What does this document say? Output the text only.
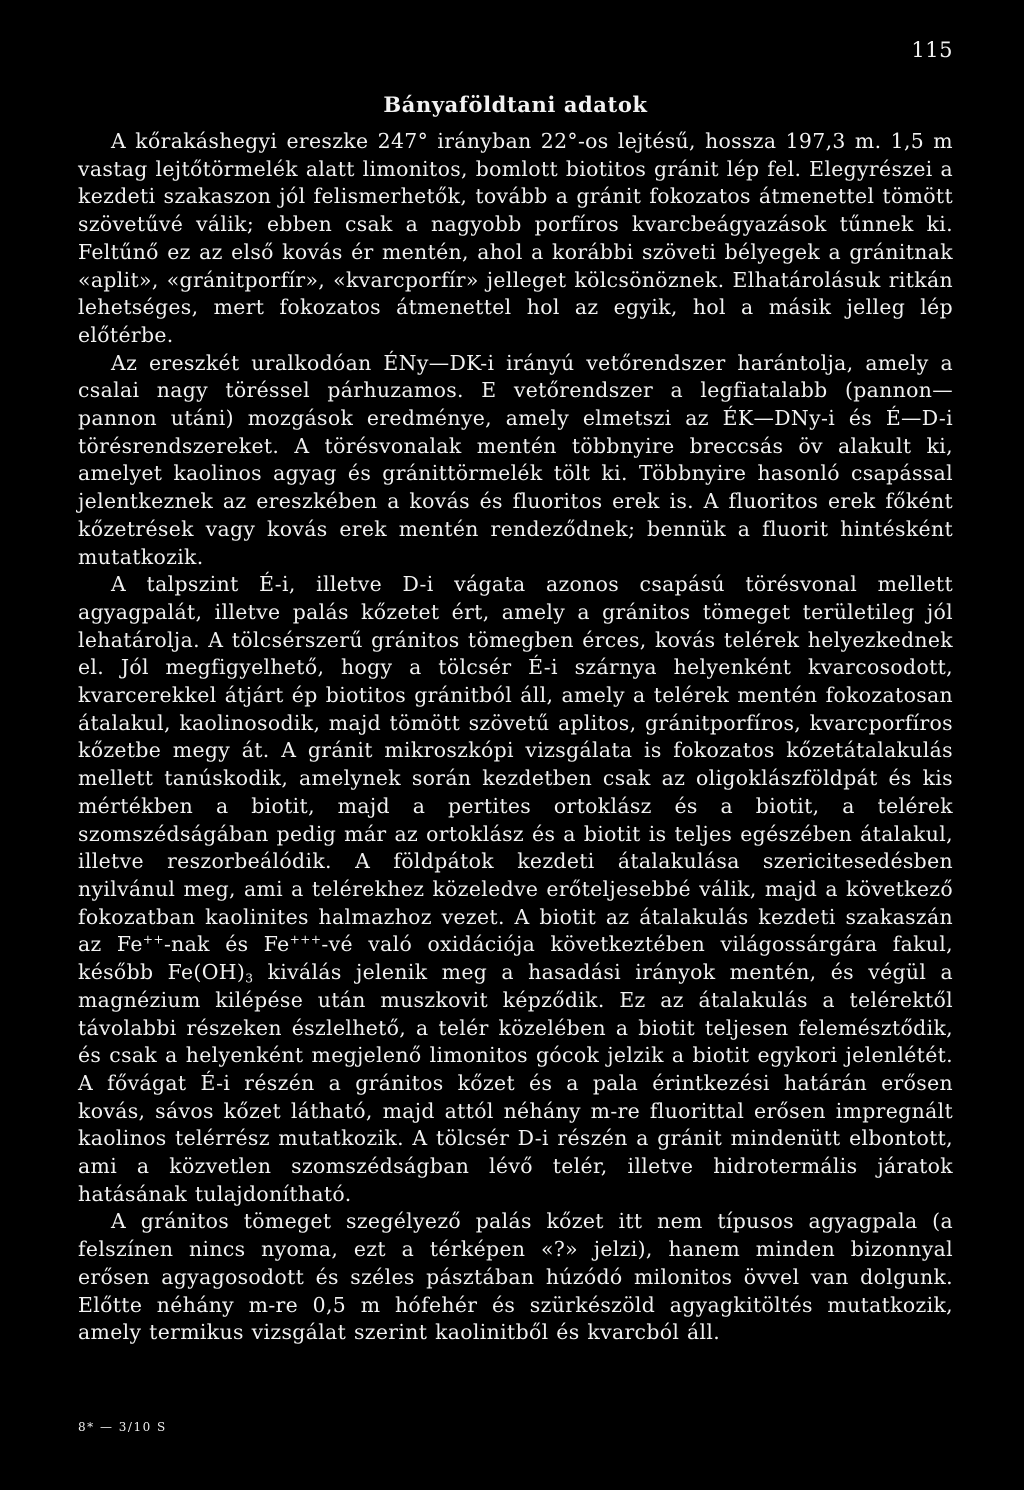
115
Bányaföldtani adatok

A kőrakáshegyi ereszke 247° irányban 22°-os lejtésű, hossza 197,3 m. 1,5 m vastag lejtőtörmelék alatt limonitos, bomlott biotitos gránit lép fel. Elegyrészei a kezdeti szakaszon jól felismerhetők, tovább a gránit fokozatos átmenettel tömött szövetűvé válik; ebben csak a nagyobb porfíros kvarcbeágyazások tűnnek ki. Feltűnő ez az első kovás ér mentén, ahol a korábbi szöveti bélyegek a gránitnak «aplit», «gránitporfír», «kvarcporfír» jelleget kölcsönöznek. Elhatárolásuk ritkán lehetséges, mert fokozatos átmenettel hol az egyik, hol a másik jelleg lép előtérbe.

Az ereszkét uralkodóan ÉNy—DK-i irányú vetőrendszer harántolja, amely a csalai nagy töréssel párhuzamos. E vetőrendszer a legfiatalabb (pannon—pannon utáni) mozgások eredménye, amely elmetszi az ÉK—DNy-i és É—D-i törésrendszereket. A törésvonalak mentén többnyire breccsás öv alakult ki, amelyet kaolinos agyag és gránittörmelék tölt ki. Többnyire hasonló csapással jelentkeznek az ereszkében a kovás és fluoritos erek is. A fluoritos erek főként kőzetrések vagy kovás erek mentén rendeződnek; bennük a fluorit hintésként mutatkozik.

A talpszint É-i, illetve D-i vágata azonos csapású törésvonal mellett agyagpalát, illetve palás kőzetet ért, amely a gránitos tömeget területileg jól lehatárolja. A tölcsérszerű gránitos tömegben érces, kovás telérek helyezkednek el. Jól megfigyelhető, hogy a tölcsér É-i szárnya helyenként kvarcosodott, kvarcerekkel átjárt ép biotitos gránitból áll, amely a telérek mentén fokozatosan átalakul, kaolinosodik, majd tömött szövetű aplitos, gránitporfíros, kvarcporfíros kőzetbe megy át. A gránit mikroszkópi vizsgálata is fokozatos kőzetátalakulás mellett tanúskodik, amelynek során kezdetben csak az oligoklászföldpát és kis mértékben a biotit, majd a pertites ortoklász és a biotit, a telérek szomszédságában pedig már az ortoklász és a biotit is teljes egészében átalakul, illetve reszorbeálódik. A földpátok kezdeti átalakulása szericitesedésben nyilvánul meg, ami a telérekhez közeledve erőteljesebbé válik, majd a következő fokozatban kaolinites halmazhoz vezet. A biotit az átalakulás kezdeti szakaszán az Fe++-nak és Fe+++-vé való oxidációja következtében világossárgára fakul, később $Fe(OH)_3$ kiválás jelenik meg a hasadási irányok mentén, és végül a magnézium kilépése után muszkovit képződik. Ez az átalakulás a telérektől távolabbi részeken észlelhető, a telér közelében a biotit teljesen felemésztődik, és csak a helyenként megjelenő limonitos gócok jelzik a biotit egykori jelenlétét. A fővágat É-i részén a gránitos kőzet és a pala érintkezési határán erősen kovás, sávos kőzet látható, majd attól néhány m-re fluorittal erősen impregnált kaolinos telérrész mutatkozik. A tölcsér D-i részén a gránit mindenütt elbontott, ami a közvetlen szomszédságban lévő telér, illetve hidrotermális járatok hatásának tulajdonítható.

A gránitos tömeget szegélyező palás kőzet itt nem típusos agyagpala (a felszínen nincs nyoma, ezt a térképen «?» jelzi), hanem minden bizonnyal erősen agyagosodott és széles pásztában húzódó milonitos övvel van dolgunk. Előtte néhány m-re 0,5 m hófehér és szürkészöld agyagkitöltés mutatkozik, amely termikus vizsgálat szerint kaolinitből és kvarcból áll.

8* — 3/10 S
